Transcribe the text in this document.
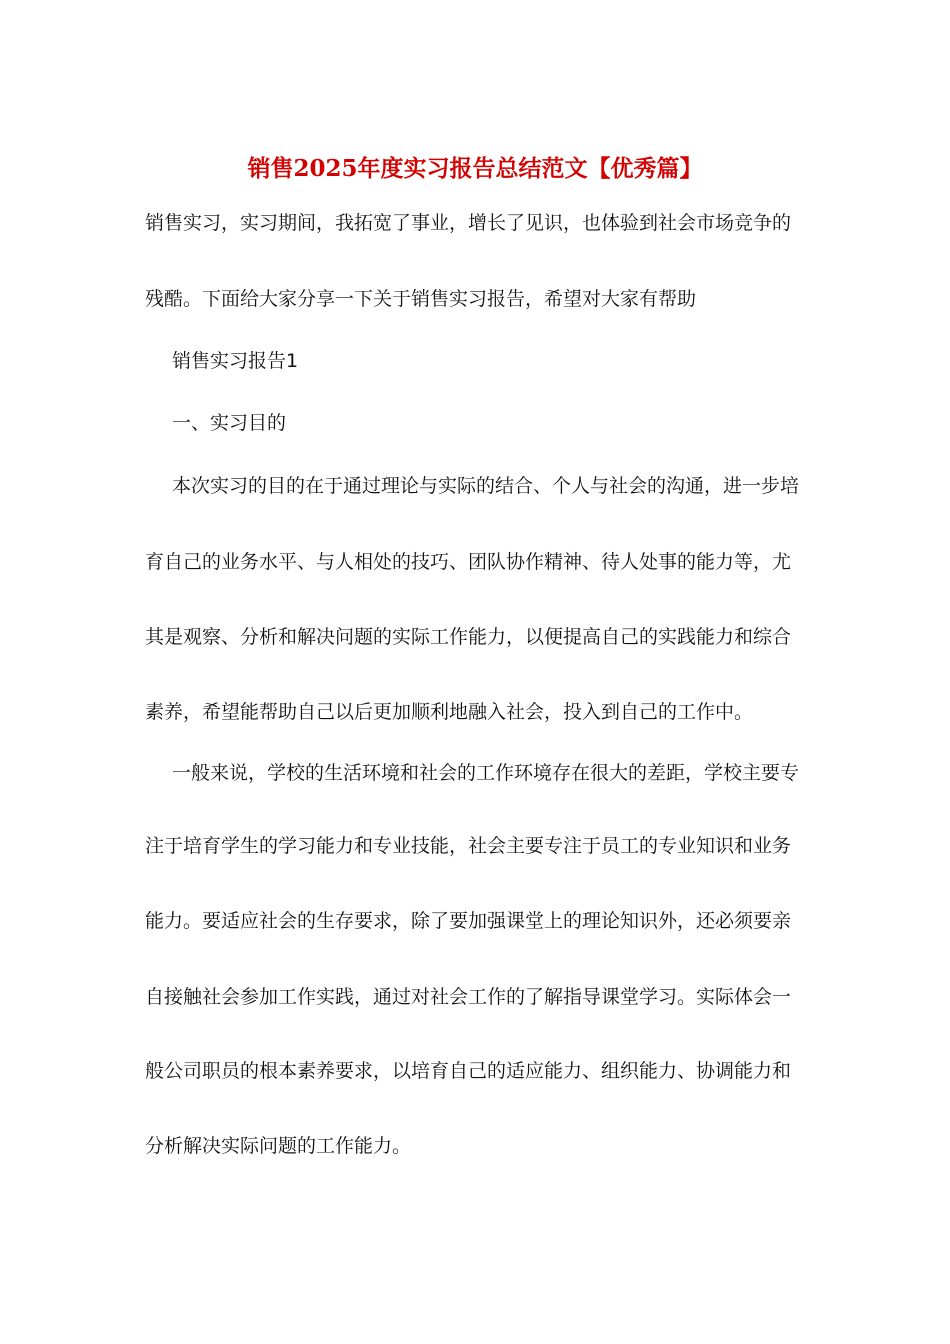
销售2025年度实习报告总结范文【优秀篇】
销售实习，实习期间，我拓宽了事业，增长了见识，也体验到社会市场竞争的
残酷。下面给大家分享一下关于销售实习报告，希望对大家有帮助
销售实习报告1
一、实习目的
本次实习的目的在于通过理论与实际的结合、个人与社会的沟通，进一步培
育自己的业务水平、与人相处的技巧、团队协作精神、待人处事的能力等，尤
其是观察、分析和解决问题的实际工作能力，以便提高自己的实践能力和综合
素养，希望能帮助自己以后更加顺利地融入社会，投入到自己的工作中。
一般来说，学校的生活环境和社会的工作环境存在很大的差距，学校主要专
注于培育学生的学习能力和专业技能，社会主要专注于员工的专业知识和业务
能力。要适应社会的生存要求，除了要加强课堂上的理论知识外，还必须要亲
自接触社会参加工作实践，通过对社会工作的了解指导课堂学习。实际体会一
般公司职员的根本素养要求，以培育自己的适应能力、组织能力、协调能力和
分析解决实际问题的工作能力。
